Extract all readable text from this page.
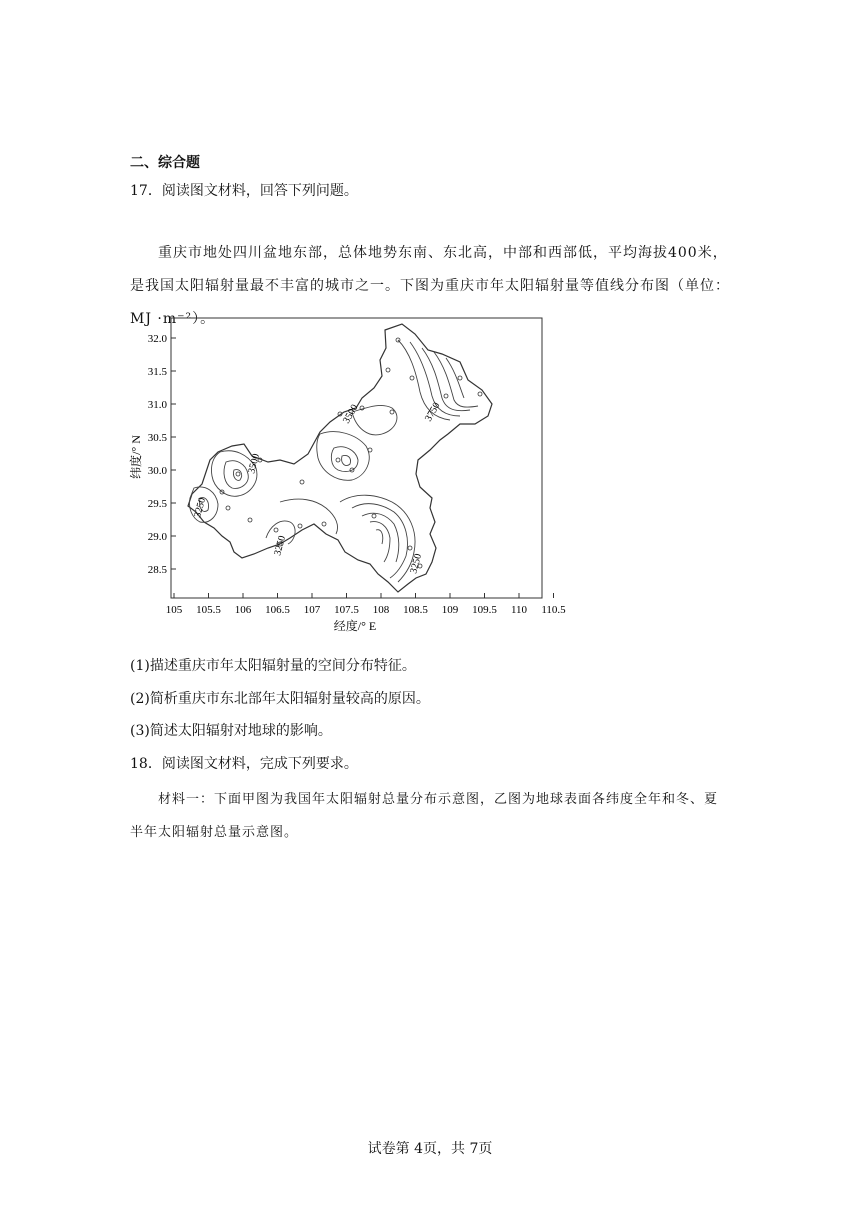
二、综合题
17．阅读图文材料，回答下列问题。
重庆市地处四川盆地东部，总体地势东南、东北高，中部和西部低，平均海拔400米，是我国太阳辐射量最不丰富的城市之一。下图为重庆市年太阳辐射量等值线分布图（单位：MJ ·m⁻²）。
32.0
31.5
31.0
30.5
30.0
29.5
29.0
28.5
105 105.5 106 106.5 107 107.5 108 108.5 109 109.5 110 110.5
纬度/° N
经度/° E
3500	3750
3500
3250
3250
3250
(1)描述重庆市年太阳辐射量的空间分布特征。
(2)简析重庆市东北部年太阳辐射量较高的原因。
(3)简述太阳辐射对地球的影响。
18．阅读图文材料，完成下列要求。
材料一：下面甲图为我国年太阳辐射总量分布示意图，乙图为地球表面各纬度全年和冬、夏半年太阳辐射总量示意图。
试卷第 4页，共 7页
